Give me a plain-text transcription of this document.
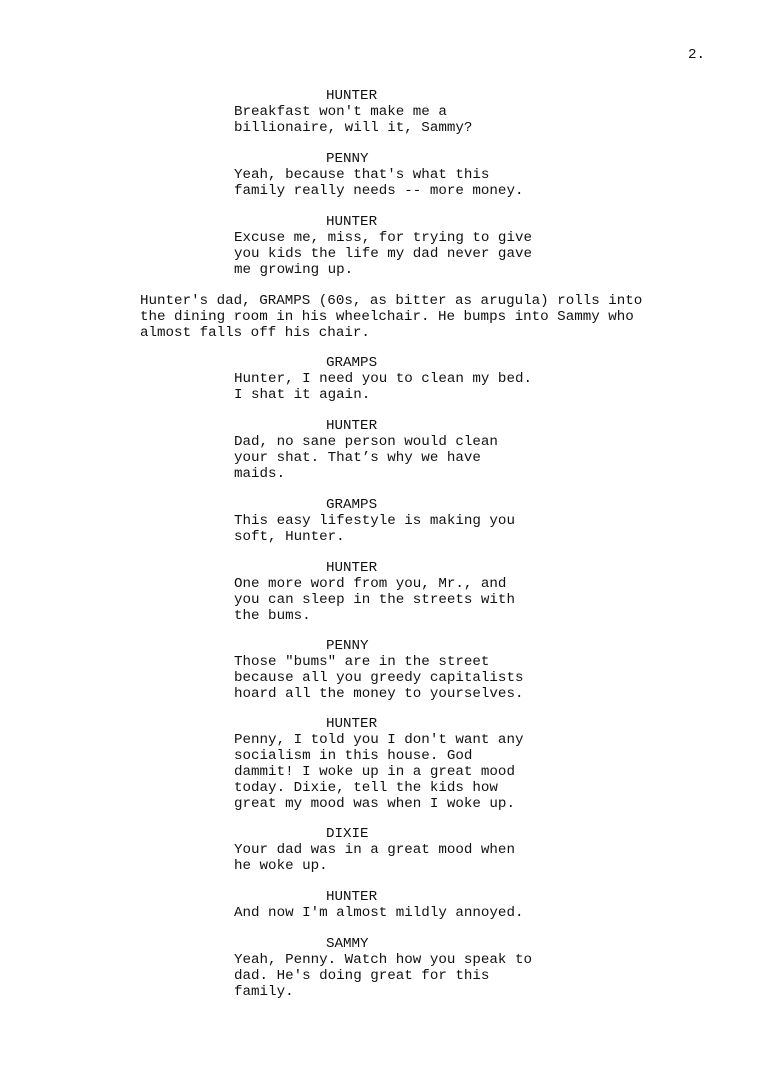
2.
HUNTER
Breakfast won't make me a
billionaire, will it, Sammy?
PENNY
Yeah, because that's what this
family really needs -- more money.
HUNTER
Excuse me, miss, for trying to give
you kids the life my dad never gave
me growing up.
Hunter's dad, GRAMPS (60s, as bitter as arugula) rolls into
the dining room in his wheelchair. He bumps into Sammy who
almost falls off his chair.
GRAMPS
Hunter, I need you to clean my bed.
I shat it again.
HUNTER
Dad, no sane person would clean
your shat. That’s why we have
maids.
GRAMPS
This easy lifestyle is making you
soft, Hunter.
HUNTER
One more word from you, Mr., and
you can sleep in the streets with
the bums.
PENNY
Those "bums" are in the street
because all you greedy capitalists
hoard all the money to yourselves.
HUNTER
Penny, I told you I don't want any
socialism in this house. God
dammit! I woke up in a great mood
today. Dixie, tell the kids how
great my mood was when I woke up.
DIXIE
Your dad was in a great mood when
he woke up.
HUNTER
And now I'm almost mildly annoyed.
SAMMY
Yeah, Penny. Watch how you speak to
dad. He's doing great for this
family.
